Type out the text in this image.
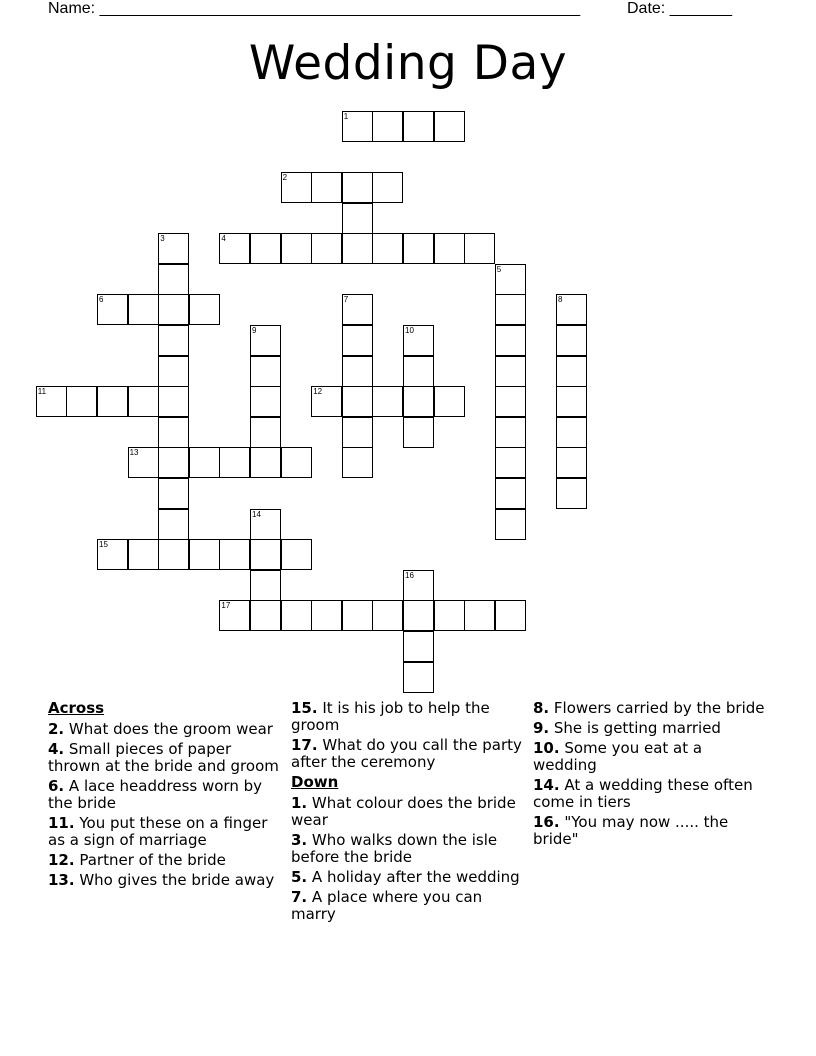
Name: ______________________________________________________	Date: _______
Wedding Day
1
2
3	4
5
6	7	8
9	10
11	12
13
14
15
16
17
Across
2. What does the groom wear
4. Small pieces of paper thrown at the bride and groom
6. A lace headdress worn by the bride
11. You put these on a finger as a sign of marriage
12. Partner of the bride
13. Who gives the bride away
15. It is his job to help the groom
17. What do you call the party after the ceremony
Down
1. What colour does the bride wear
3. Who walks down the isle before the bride
5. A holiday after the wedding
7. A place where you can marry
8. Flowers carried by the bride
9. She is getting married
10. Some you eat at a wedding
14. At a wedding these often come in tiers
16. "You may now ..... the bride"
